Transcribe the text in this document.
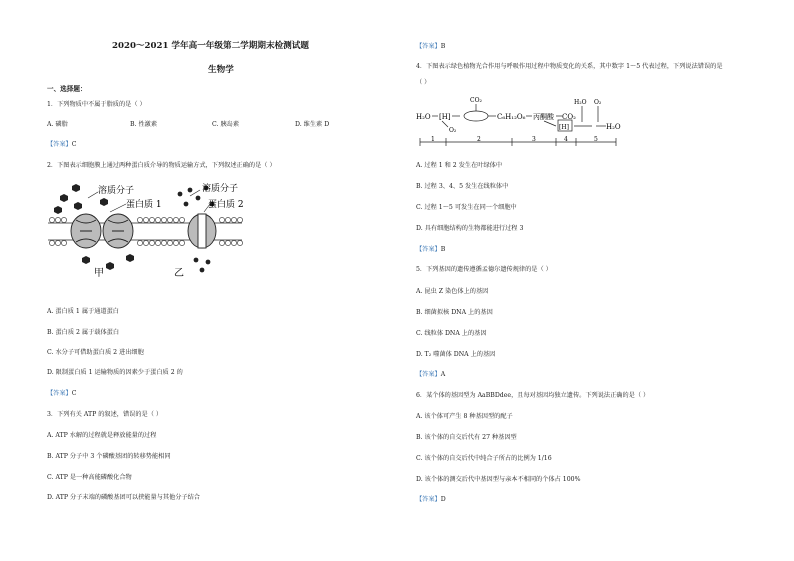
2020～2021 学年高一年级第二学期期末检测试题
生物学
一、选择题：
1．下列物质中不属于脂质的是（ ）
A. 磷脂	B. 性激素	C. 胰岛素	D. 维生素 D
【答案】C
2．下图表示细胞膜上通过两种蛋白质介导的物质运输方式，下列叙述正确的是（ ）
溶质分子
蛋白质 1
甲
溶质分子
蛋白质 2
乙
A. 蛋白质 1 属于通道蛋白
B. 蛋白质 2 属于载体蛋白
C. 水分子可借助蛋白质 2 进出细胞
D. 限制蛋白质 1 运输物质的因素少于蛋白质 2 的
【答案】C
3．下列有关 ATP 的叙述，错误的是（ ）
A. ATP 水解的过程就是释放能量的过程
B. ATP 分子中 3 个磷酸基团的转移势能相同
C. ATP 是一种高能磷酸化合物
D. ATP 分子末端的磷酸基团可以挟能量与其他分子结合
【答案】B
4．下图表示绿色植物光合作用与呼吸作用过程中物质变化的关系，其中数字 1～5 代表过程，下列说法错误的是
（ ）
H₂O [H]
O₂
CO₂
C₆H₁₂O₆ 丙酮酸 CO₂
H₂O O₂
[H]	H₂O
1	2	3	4	5
A. 过程 1 和 2 发生在叶绿体中
B. 过程 3、4、5 发生在线粒体中
C. 过程 1～5 可发生在同一个细胞中
D. 具有细胞结构的生物都能进行过程 3
【答案】B
5．下列基因的遗传遵循孟德尔遗传规律的是（ ）
A. 昆虫 Z 染色体上的基因
B. 细菌拟核 DNA 上的基因
C. 线粒体 DNA 上的基因
D. T₂ 噬菌体 DNA 上的基因
【答案】A
6．某个体的基因型为 AaBBDdee，且每对基因均独立遗传。下列说法正确的是（ ）
A. 该个体可产生 8 种基因型的配子
B. 该个体的自交后代有 27 种基因型
C. 该个体的自交后代中纯合子所占的比例为 1/16
D. 该个体的测交后代中基因型与亲本不相同的个体占 100%
【答案】D
